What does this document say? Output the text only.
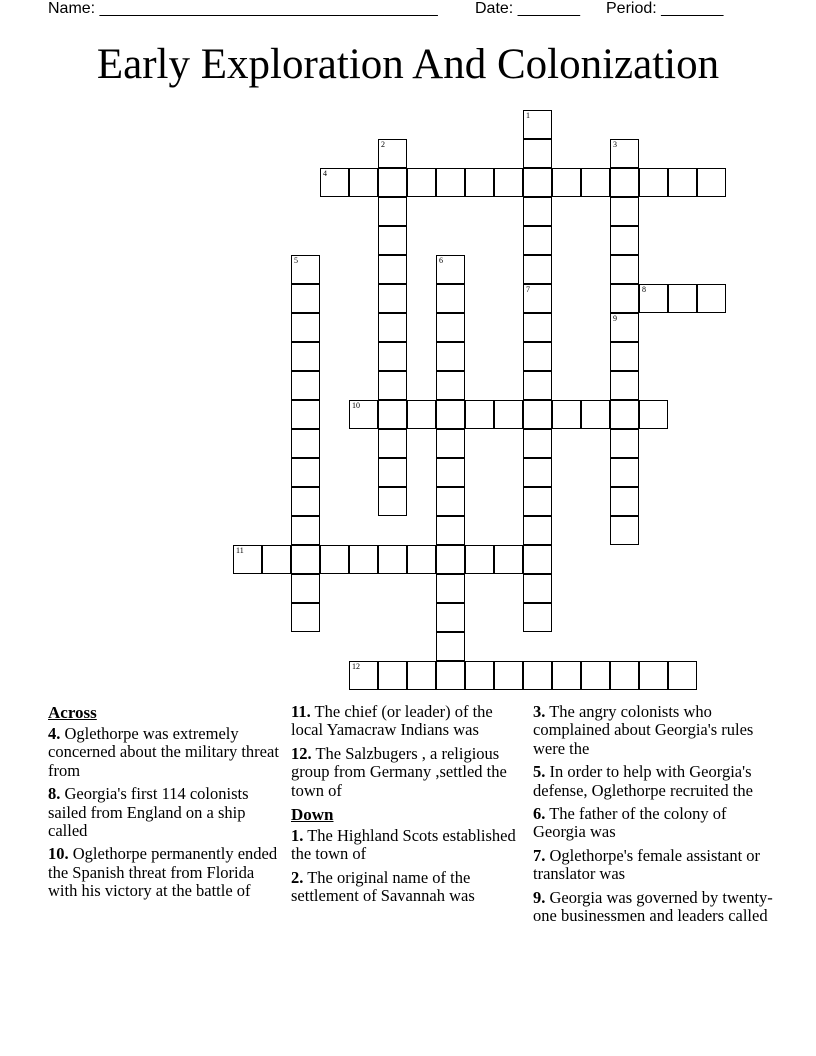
Name: ______________________________________ Date: _______ Period: _______
Early Exploration And Colonization
1
2	3
9
4
5	6
7	8
10
11
12
Across
4. Oglethorpe was extremely concerned about the military threat from
8. Georgia's first 114 colonists sailed from England on a ship called
10. Oglethorpe permanently ended the Spanish threat from Florida with his victory at the battle of
11. The chief (or leader) of the local Yamacraw Indians was
12. The Salzbugers , a religious group from Germany ,settled the town of
Down
1. The Highland Scots established the town of
2. The original name of the settlement of Savannah was
3. The angry colonists who complained about Georgia's rules were the
5. In order to help with Georgia's defense, Oglethorpe recruited the
6. The father of the colony of Georgia was
7. Oglethorpe's female assistant or translator was
9. Georgia was governed by twenty-one businessmen and leaders called
